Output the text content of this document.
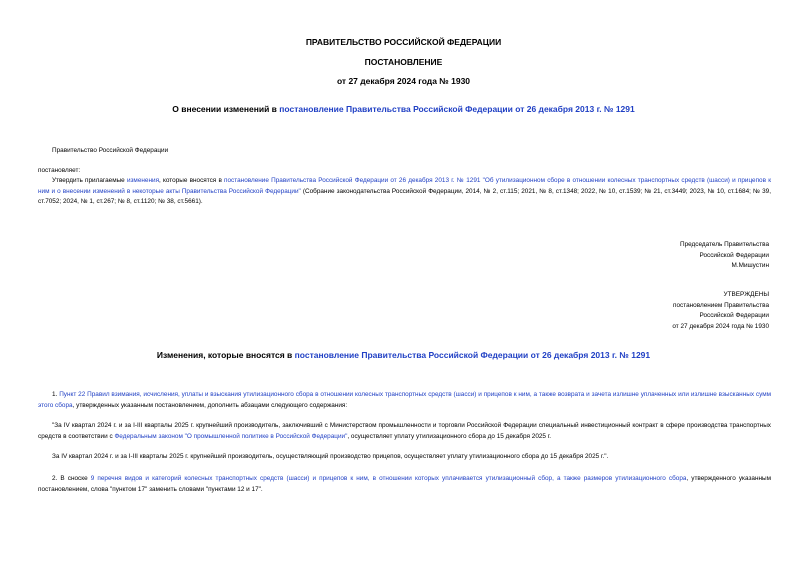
ПРАВИТЕЛЬСТВО РОССИЙСКОЙ ФЕДЕРАЦИИ
ПОСТАНОВЛЕНИЕ
от 27 декабря 2024 года № 1930
О внесении изменений в постановление Правительства Российской Федерации от 26 декабря 2013 г. № 1291
Правительство Российской Федерации
постановляет:
Утвердить прилагаемые изменения, которые вносятся в постановление Правительства Российской Федерации от 26 декабря 2013 г. № 1291 "Об утилизационном сборе в отношении колесных транспортных средств (шасси) и прицепов к ним и о внесении изменений в некоторые акты Правительства Российской Федерации" (Собрание законодательства Российской Федерации, 2014, № 2, ст.115; 2021, № 8, ст.1348; 2022, № 10, ст.1539; № 21, ст.3449; 2023, № 10, ст.1684; № 39, ст.7052; 2024, № 1, ст.267; № 8, ст.1120; № 38, ст.5661).
Председатель Правительства
Российской Федерации
М.Мишустин
УТВЕРЖДЕНЫ
постановлением Правительства
Российской Федерации
от 27 декабря 2024 года № 1930
Изменения, которые вносятся в постановление Правительства Российской Федерации от 26 декабря 2013 г. № 1291
1. Пункт 22 Правил взимания, исчисления, уплаты и взыскания утилизационного сбора в отношении колесных транспортных средств (шасси) и прицепов к ним, а также возврата и зачета излишне уплаченных или излишне взысканных сумм этого сбора, утвержденных указанным постановлением, дополнить абзацами следующего содержания:
"За IV квартал 2024 г. и за I-III кварталы 2025 г. крупнейший производитель, заключивший с Министерством промышленности и торговли Российской Федерации специальный инвестиционный контракт в сфере производства транспортных средств в соответствии с Федеральным законом "О промышленной политике в Российской Федерации", осуществляет уплату утилизационного сбора до 15 декабря 2025 г.
За IV квартал 2024 г. и за I-III кварталы 2025 г. крупнейший производитель, осуществляющий производство прицепов, осуществляет уплату утилизационного сбора до 15 декабря 2025 г.".
2. В сноске 9 перечня видов и категорий колесных транспортных средств (шасси) и прицепов к ним, в отношении которых уплачивается утилизационный сбор, а также размеров утилизационного сбора, утвержденного указанным постановлением, слова "пунктом 17" заменить словами "пунктами 12 и 17".
